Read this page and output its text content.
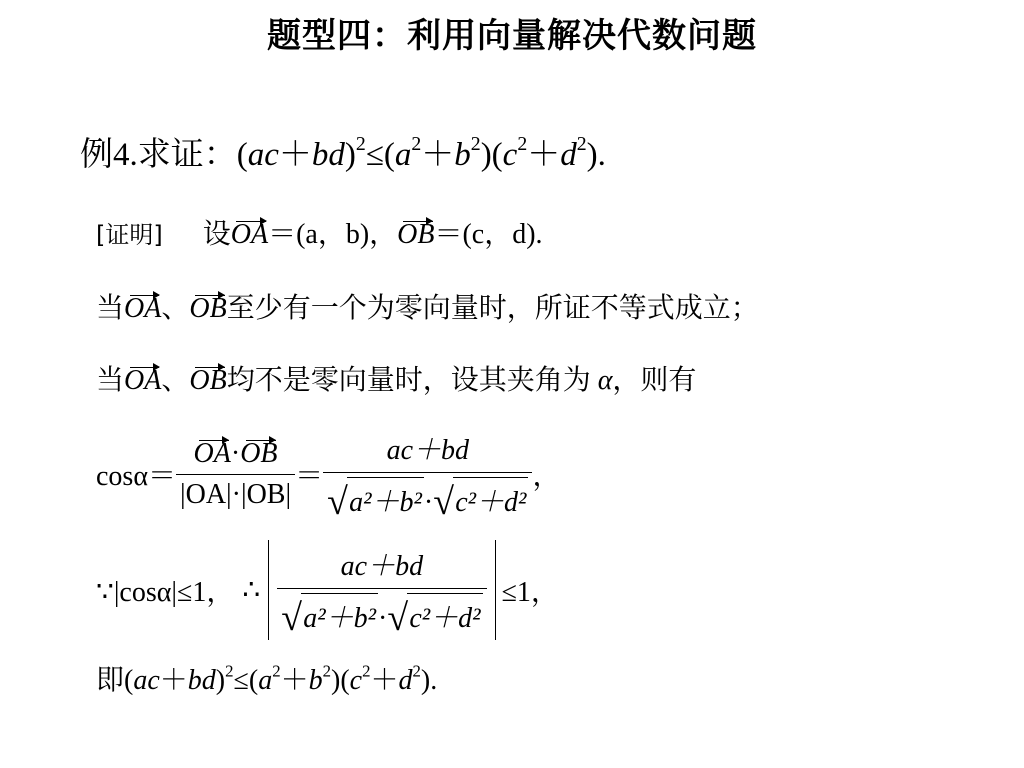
题型四：利用向量解决代数问题
例4.求证：$(ac+bd)^2\le(a^2+b^2)(c^2+d^2)$.
[证明] 设OA＝(a，b)，OB＝(c，d).
当OA、OB至少有一个为零向量时，所证不等式成立；
当OA、OB均不是零向量时，设其夹角为 α，则有
$\cos\alpha= \frac{OA\cdot OB}{|OA|\cdot|OB|} = \frac{ac+bd}{\text{√ a²＋b²· √ c²＋d²}}$ ，
∵|cosα|≤1， ∴ $\frac{ac+bd}{\text{√ a²＋b²· √ c²＋d²}} \le 1$，
即$(ac+bd)^2\le(a^2+b^2)(c^2+d^2)$.
